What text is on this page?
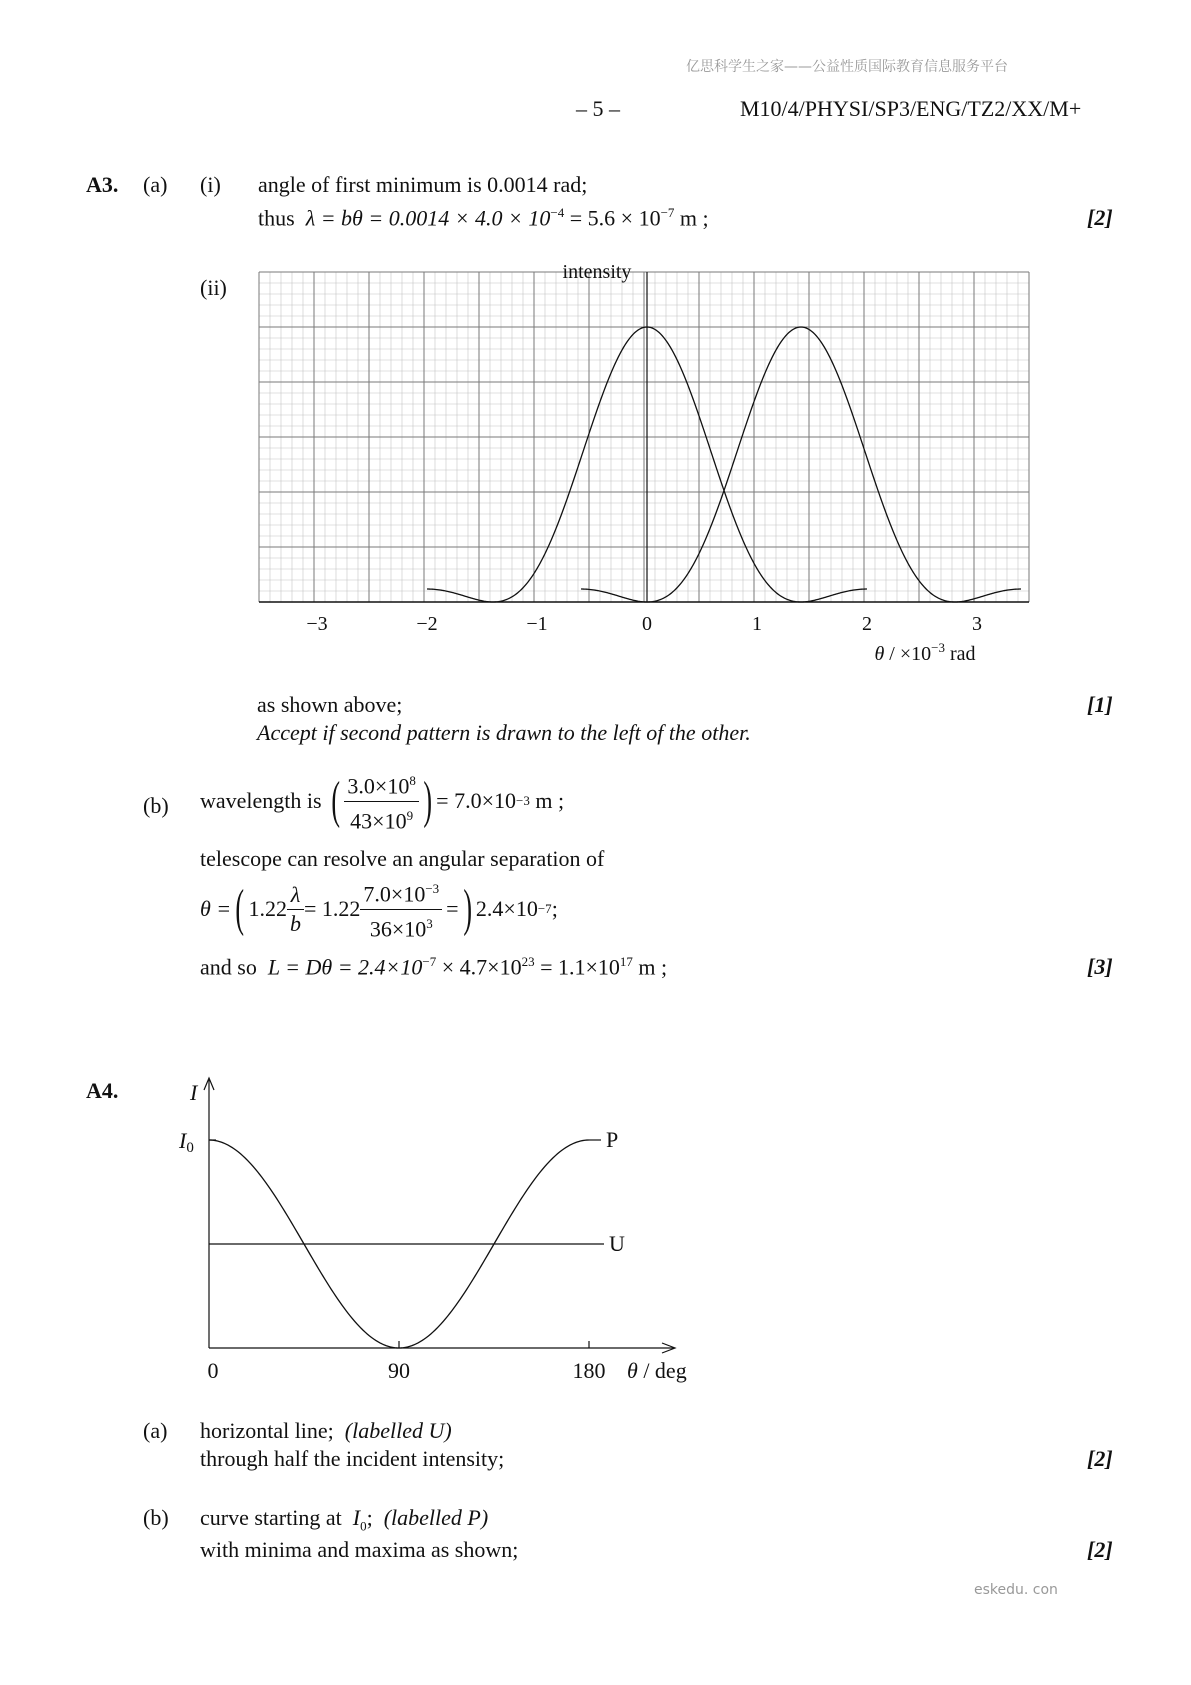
亿思科学生之家——公益性质国际教育信息服务平台
– 5 –	M10/4/PHYSI/SP3/ENG/TZ2/XX/M+
A3. (a) (i) angle of first minimum is 0.0014 rad;
thus $\lambda = b\theta = 0.0014 \times 4.0 \times 10^{-4} = 5.6 \times 10^{-7}$ m ;	[2]
(ii)
−3	−2	−1	0	1	2	3
intensity
$\theta / \times 10^{-3}$ rad
as shown above;	[1]
Accept if second pattern is drawn to the left of the other.
(b) wavelength is
( $\frac{3.0\times 10^8}{43\times 10^9}$ ) = 7.0×10 −3
m ;
telescope can resolve an angular separation of
θ = ( $1.22 \frac{\lambda}{b} = 1.22 \frac{7.0\times 10^{-3}}{36\times 10^3}$ = ) 2.4×10 −7 ;
and so $L = D\theta = 2.4\times 10^{-7} \times 4.7\times 10^{23} = 1.1\times 10^{17}$ m ;	[3]
A4.
P
U
I
I0
0	90	180 θ / deg
(a) horizontal line; (labelled U)
through half the incident intensity;	[2]
(b) curve starting at $I_0$; (labelled P)
with minima and maxima as shown;	[2]
eskedu. con
